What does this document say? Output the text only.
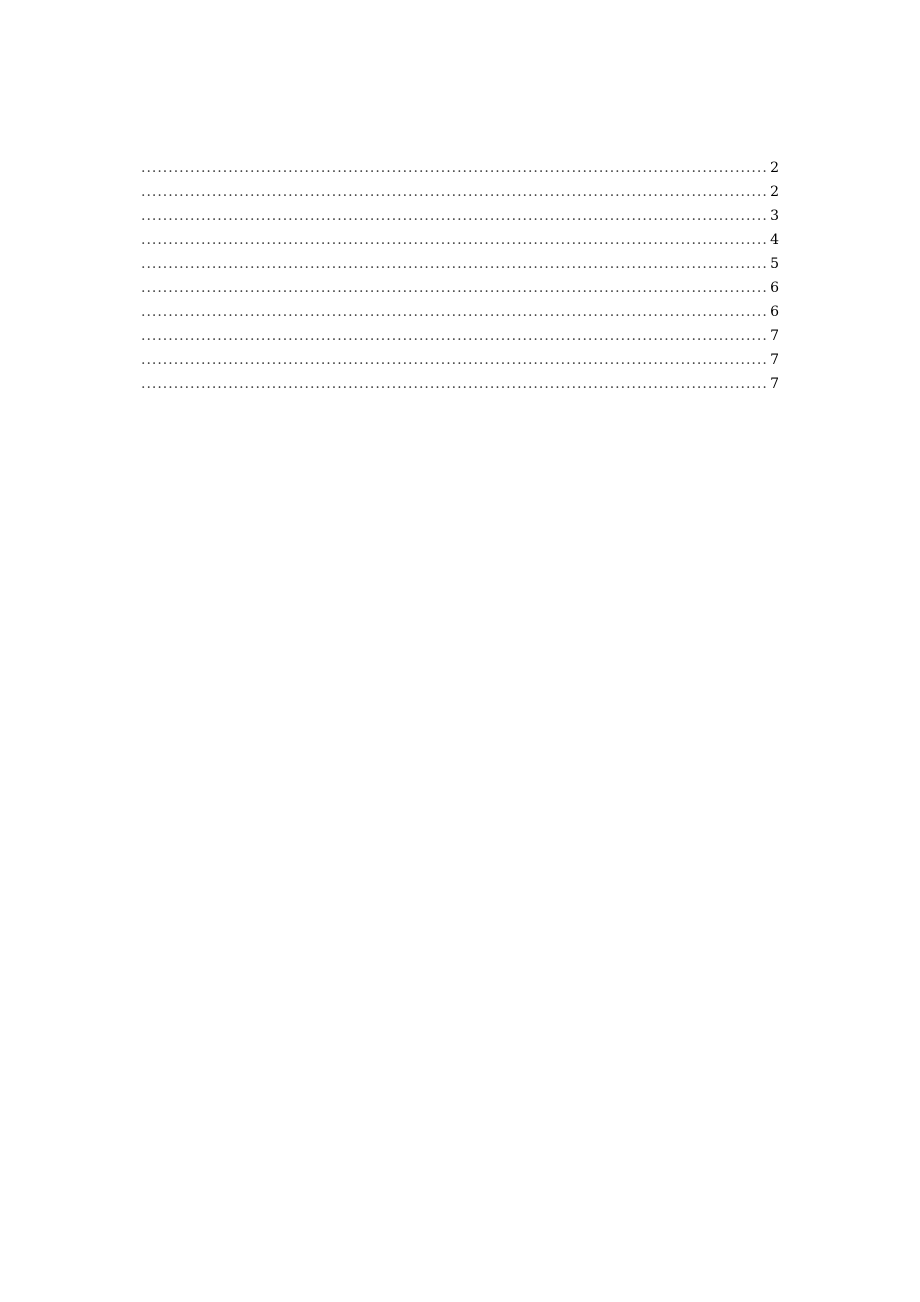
.....
2
.....
2
.....
3
.....
4
.....
5
.....
6
.....
6
.....
7
.....
7
.....
7
